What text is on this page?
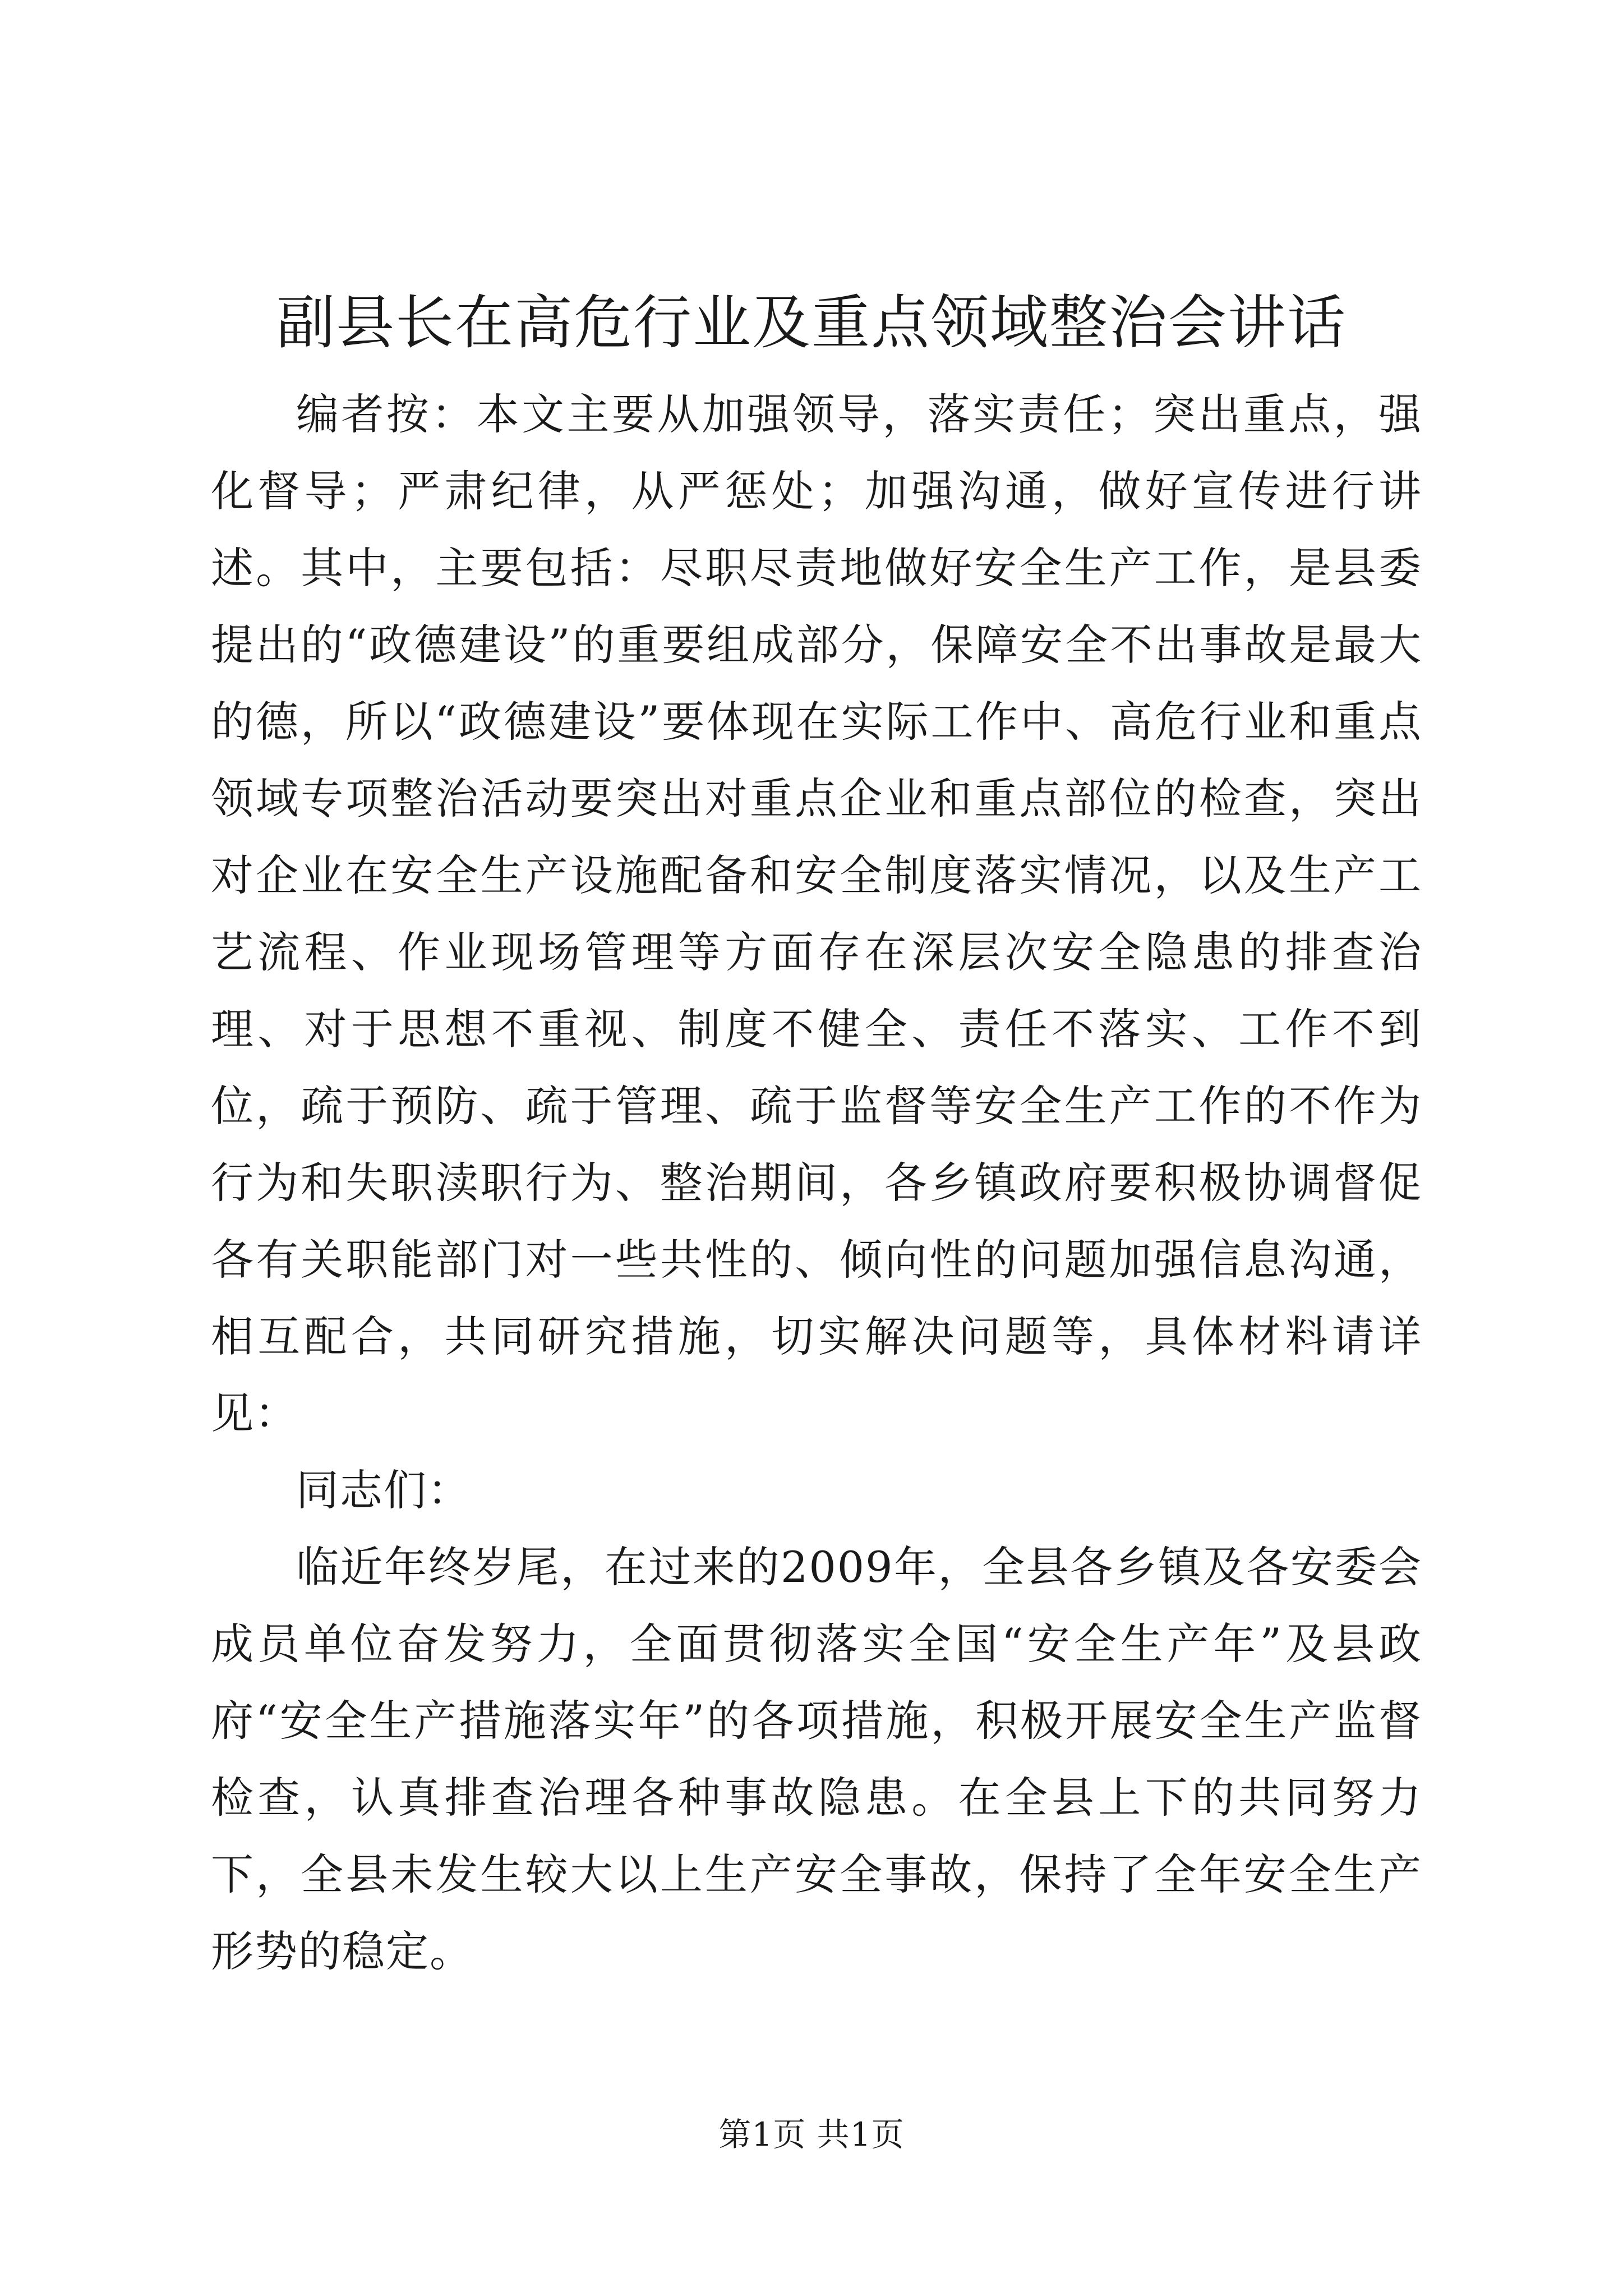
副县长在高危行业及重点领域整治会讲话

编者按：本文主要从加强领导，落实责任；突出重点，强化督导；严肃纪律，从严惩处；加强沟通，做好宣传进行讲述。其中，主要包括：尽职尽责地做好安全生产工作，是县委提出的“政德建设”的重要组成部分，保障安全不出事故是最大的德，所以“政德建设”要体现在实际工作中、高危行业和重点领域专项整治活动要突出对重点企业和重点部位的检查，突出对企业在安全生产设施配备和安全制度落实情况，以及生产工艺流程、作业现场管理等方面存在深层次安全隐患的排查治理、对于思想不重视、制度不健全、责任不落实、工作不到位，疏于预防、疏于管理、疏于监督等安全生产工作的不作为行为和失职渎职行为、整治期间，各乡镇政府要积极协调督促各有关职能部门对一些共性的、倾向性的问题加强信息沟通，相互配合，共同研究措施，切实解决问题等，具体材料请详见：

同志们：

临近年终岁尾，在过来的2009年，全县各乡镇及各安委会成员单位奋发努力，全面贯彻落实全国“安全生产年”及县政府“安全生产措施落实年”的各项措施，积极开展安全生产监督检查，认真排查治理各种事故隐患。在全县上下的共同努力下，全县未发生较大以上生产安全事故，保持了全年安全生产形势的稳定。

第1页 共1页
